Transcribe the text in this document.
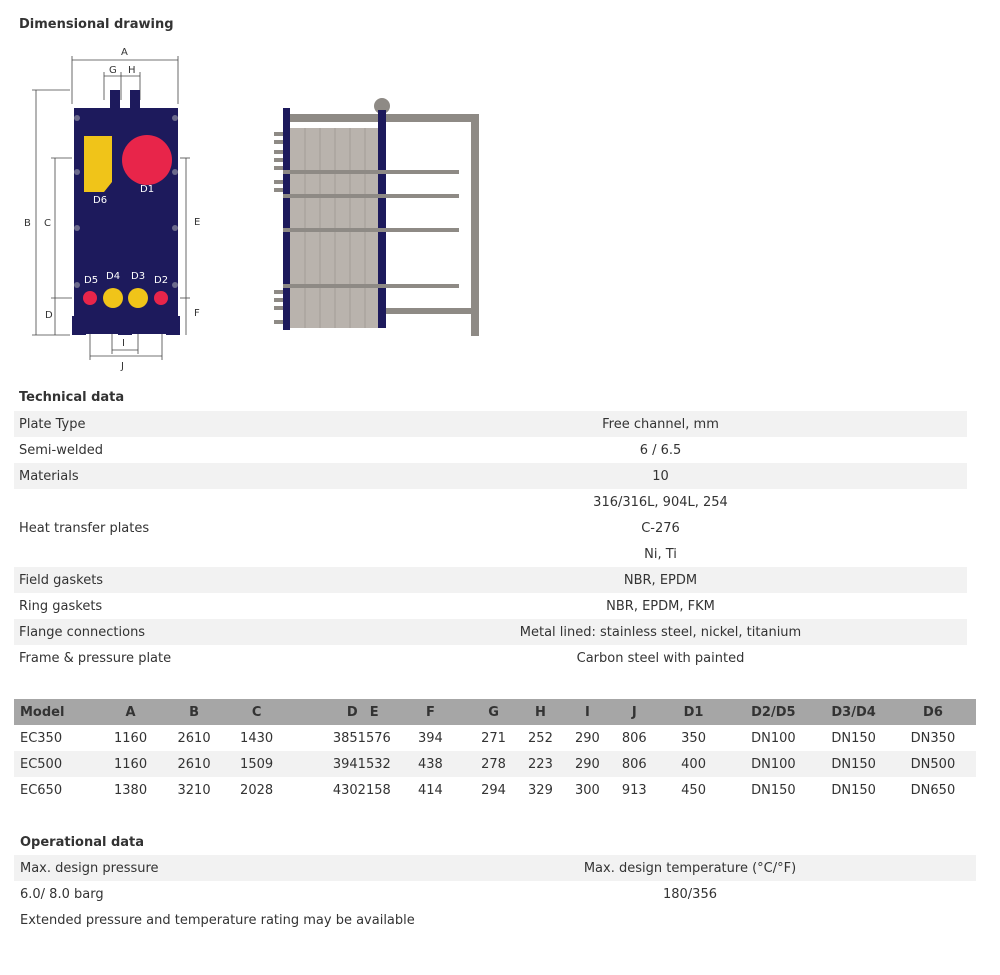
Dimensional drawing
A
G H
B C
D
E
F
I
J
D6
D1
D5 D4 D3 D2
Technical data
Plate Type	Free channel, mm
Semi-welded	6 / 6.5
Materials	10
	316/316L, 904L, 254
Heat transfer plates	C-276
	Ni, Ti
Field gaskets	NBR, EPDM
Ring gaskets	NBR, EPDM, FKM
Flange connections	Metal lined: stainless steel, nickel, titanium
Frame & pressure plate	Carbon steel with painted
Model	A	B	C	D	E	F	G	H	I	J	D1	D2/D5	D3/D4	D6
EC350	1160	2610	1430	385	1576	394	271	252	290	806	350	DN100	DN150	DN350
EC500	1160	2610	1509	394	1532	438	278	223	290	806	400	DN100	DN150	DN500
EC650	1380	3210	2028	430	2158	414	294	329	300	913	450	DN150	DN150	DN650
Operational data
Max. design pressure	Max. design temperature (°C/°F)
6.0/ 8.0 barg	180/356
Extended pressure and temperature rating may be available	
